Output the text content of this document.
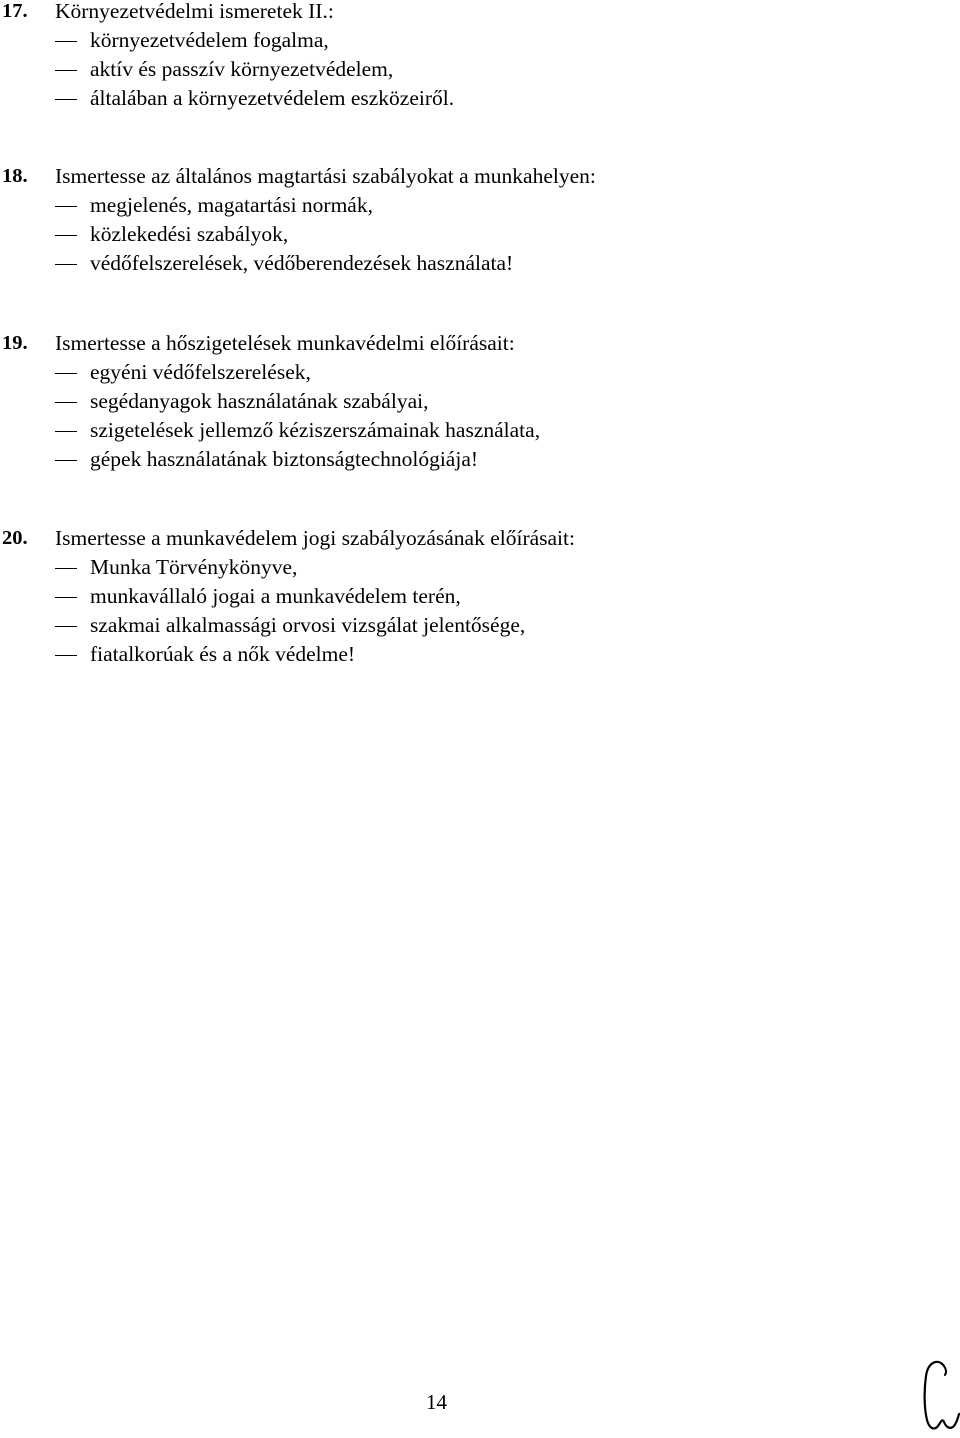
17. Környezetvédelmi ismeretek II.:
környezetvédelem fogalma,
aktív és passzív környezetvédelem,
általában a környezetvédelem eszközeiről.
18. Ismertesse az általános magtartási szabályokat a munkahelyen:
megjelenés, magatartási normák,
közlekedési szabályok,
védőfelszerelések, védőberendezések használata!
19. Ismertesse a hőszigetelések munkavédelmi előírásait:
egyéni védőfelszerelések,
segédanyagok használatának szabályai,
szigetelések jellemző kéziszerszámainak használata,
gépek használatának biztonságtechnológiája!
20. Ismertesse a munkavédelem jogi szabályozásának előírásait:
Munka Törvénykönyve,
munkavállaló jogai a munkavédelem terén,
szakmai alkalmassági orvosi vizsgálat jelentősége,
fiatalkorúak és a nők védelme!
14
